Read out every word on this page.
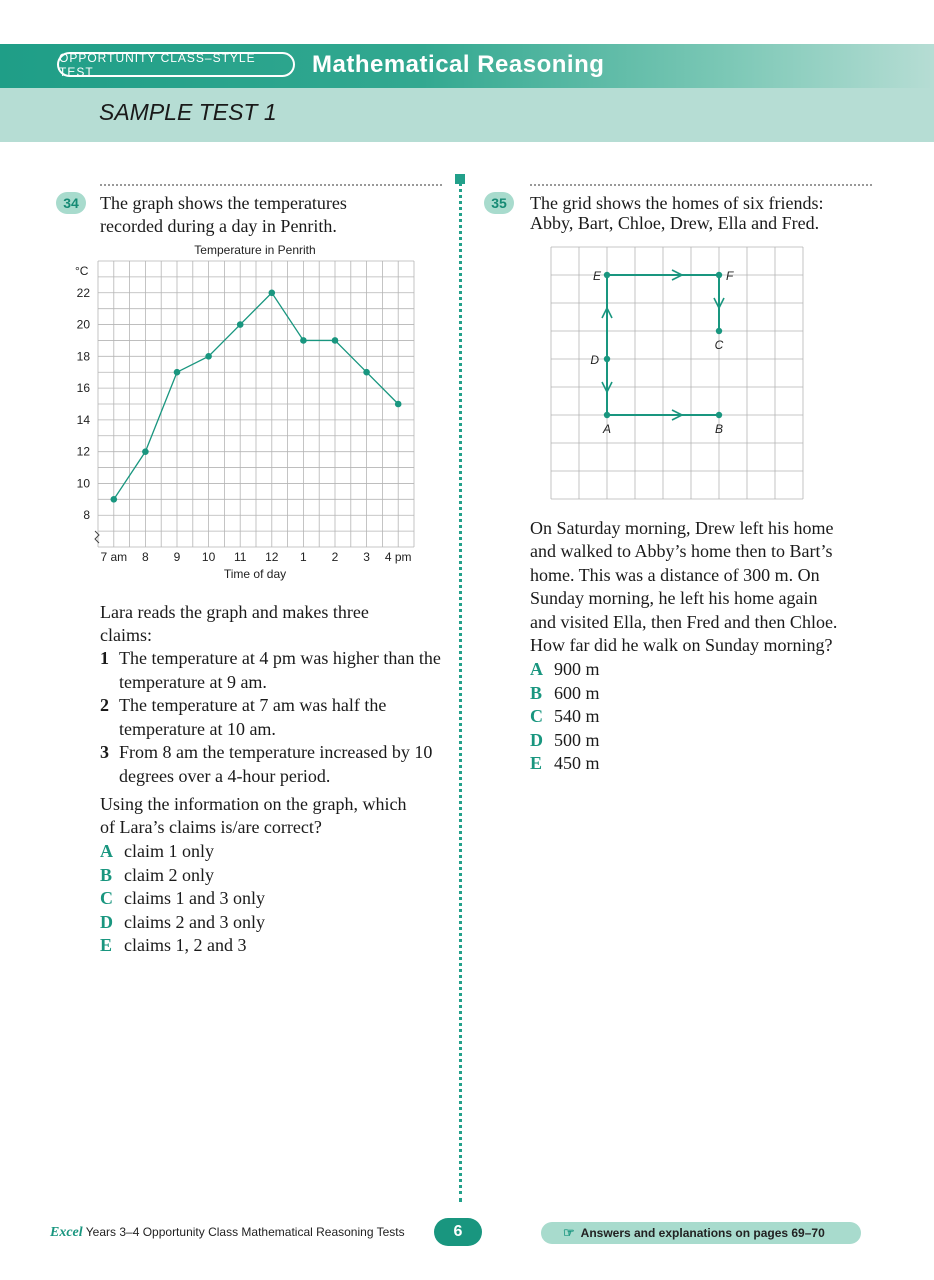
OPPORTUNITY CLASS–STYLE TEST	Mathematical Reasoning
SAMPLE TEST 1
34	The graph shows the temperatures
recorded during a day in Penrith.
Temperature in Penrith
°C
Time of day
8
10
12
14
16
18
20
22
7 am 8 9 10 11 12 1 2 3 4 pm
Lara reads the graph and makes three
claims:
1 The temperature at 4 pm was higher than the temperature at 9 am.
2 The temperature at 7 am was half the temperature at 10 am.
3 From 8 am the temperature increased by 10 degrees over a 4-hour period.
Using the information on the graph, which
of Lara’s claims is/are correct?
A claim 1 only
B claim 2 only
C claims 1 and 3 only
D claims 2 and 3 only
E claims 1, 2 and 3
35	The grid shows the homes of six friends:
Abby, Bart, Chloe, Drew, Ella and Fred.
A	B
C
D
E	F
On Saturday morning, Drew left his home
and walked to Abby’s home then to Bart’s
home. This was a distance of 300 m. On
Sunday morning, he left his home again
and visited Ella, then Fred and then Chloe.
How far did he walk on Sunday morning?
A 900 m
B 600 m
C 540 m
D 500 m
E 450 m
Excel Years 3–4 Opportunity Class Mathematical Reasoning Tests	6	☞ Answers and explanations on pages 69–70
